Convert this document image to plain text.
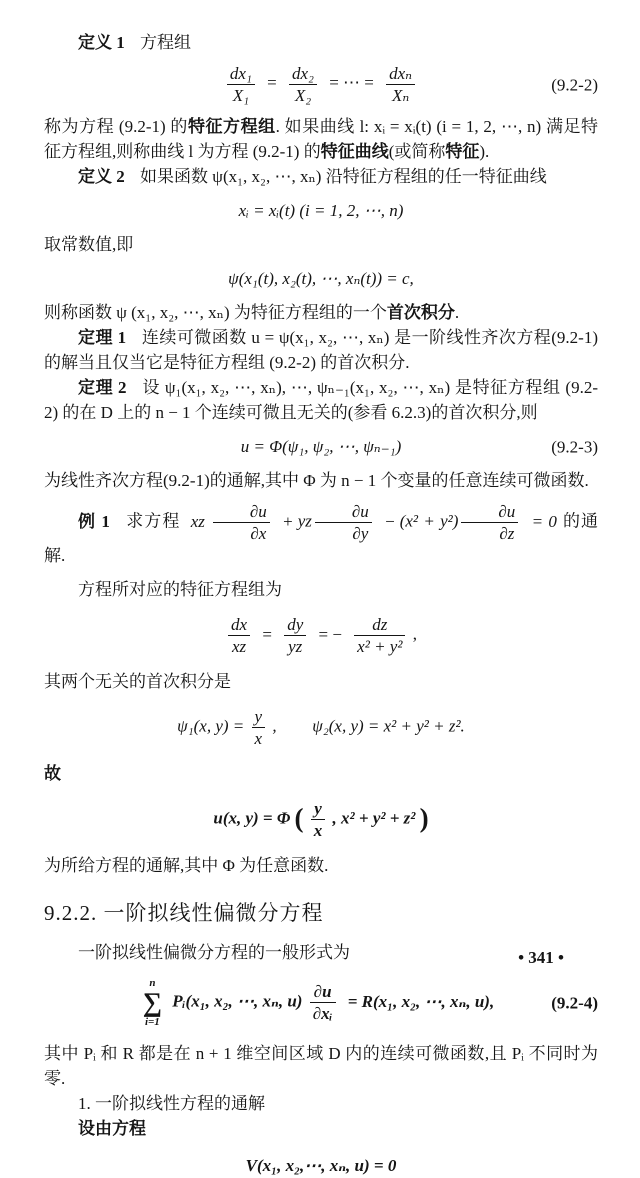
定义 1 方程组

$\frac{\text{dx₁}}{\text{X₁}} = \frac{\text{dx₂}}{\text{X₂}}$ = ⋯ = $\frac{\text{dxₙ}}{\text{Xₙ}}$	(9.2-2)

称为方程 (9.2-1) 的特征方程组. 如果曲线 l: xᵢ = xᵢ(t) (i = 1, 2, ⋯, n) 满足特征方程组,则称曲线 l 为方程 (9.2-1) 的特征曲线(或简称特征).

定义 2 如果函数 ψ(x₁, x₂, ⋯, xₙ) 沿特征方程组的任一特征曲线

xᵢ = xᵢ(t) (i = 1, 2, ⋯, n)

取常数值,即

ψ(x₁(t), x₂(t), ⋯, xₙ(t)) = c,

则称函数 ψ (x₁, x₂, ⋯, xₙ) 为特征方程组的一个首次积分.

定理 1 连续可微函数 u = ψ(x₁, x₂, ⋯, xₙ) 是一阶线性齐次方程(9.2-1)的解当且仅当它是特征方程组 (9.2-2) 的首次积分.

定理 2 设 ψ₁(x₁, x₂, ⋯, xₙ), ⋯, ψₙ₋₁(x₁, x₂, ⋯, xₙ) 是特征方程组 (9.2-2) 的在 D 上的 n − 1 个连续可微且无关的(参看 6.2.3)的首次积分,则

u = Φ(ψ₁, ψ₂, ⋯, ψₙ₋₁)	(9.2-3)

为线性齐次方程(9.2-1)的通解,其中 Φ 为 n − 1 个变量的任意连续可微函数.

例 1 求方程 xz $\frac{\partial u}{\partial x}$ + yz $\frac{\partial u}{\partial y} - (x^2 + y^2) \frac{\partial u}{\partial z} = 0$ 的通解.

方程所对应的特征方程组为

$\frac{dx}{xz} = \frac{dy}{yz}$ = − $\frac{dz}{\text{x² + y²}}$ ,

其两个无关的首次积分是

ψ₁(x, $y) = \frac{y}{x}$ , ψ₂(x, y) = x² + y² + z².

故

u(x, y) = Φ ( $\frac{y}{x}$ , x² + y² + z² )

为所给方程的通解,其中 Φ 为任意函数.

9.2.2. 一阶拟线性偏微分方程

一阶拟线性偏微分方程的一般形式为

n
∑
i=1
Pᵢ(x₁, x₂, ⋯, xₙ, $u) \frac{\partial u}{\text{∂xᵢ}} = R(x_1$, x₂, ⋯, xₙ, u),	(9.2-4)

其中 Pᵢ 和 R 都是在 n + 1 维空间区域 D 内的连续可微函数,且 Pᵢ 不同时为零.

1. 一阶拟线性方程的通解

设由方程

V(x₁, x₂,⋯, xₙ, u) = 0
• 341 •
